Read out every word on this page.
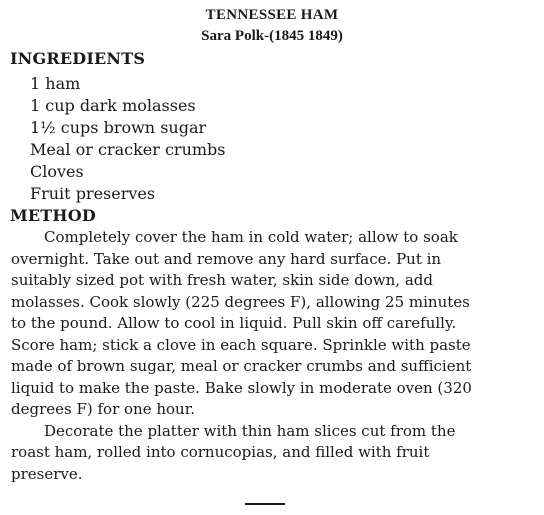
TENNESSEE HAM
Sara Polk-(1845 1849)
INGREDIENTS
1 ham
1 cup dark molasses
1½ cups brown sugar
Meal or cracker crumbs
Cloves
Fruit preserves
METHOD
Completely cover the ham in cold water; allow to soak
overnight. Take out and remove any hard surface. Put in
suitably sized pot with fresh water, skin side down, add
molasses. Cook slowly (225 degrees F), allowing 25 minutes
to the pound. Allow to cool in liquid. Pull skin off carefully.
Score ham; stick a clove in each square. Sprinkle with paste
made of brown sugar, meal or cracker crumbs and sufficient
liquid to make the paste. Bake slowly in moderate oven (320
degrees F) for one hour.
Decorate the platter with thin ham slices cut from the
roast ham, rolled into cornucopias, and filled with fruit
preserve.
